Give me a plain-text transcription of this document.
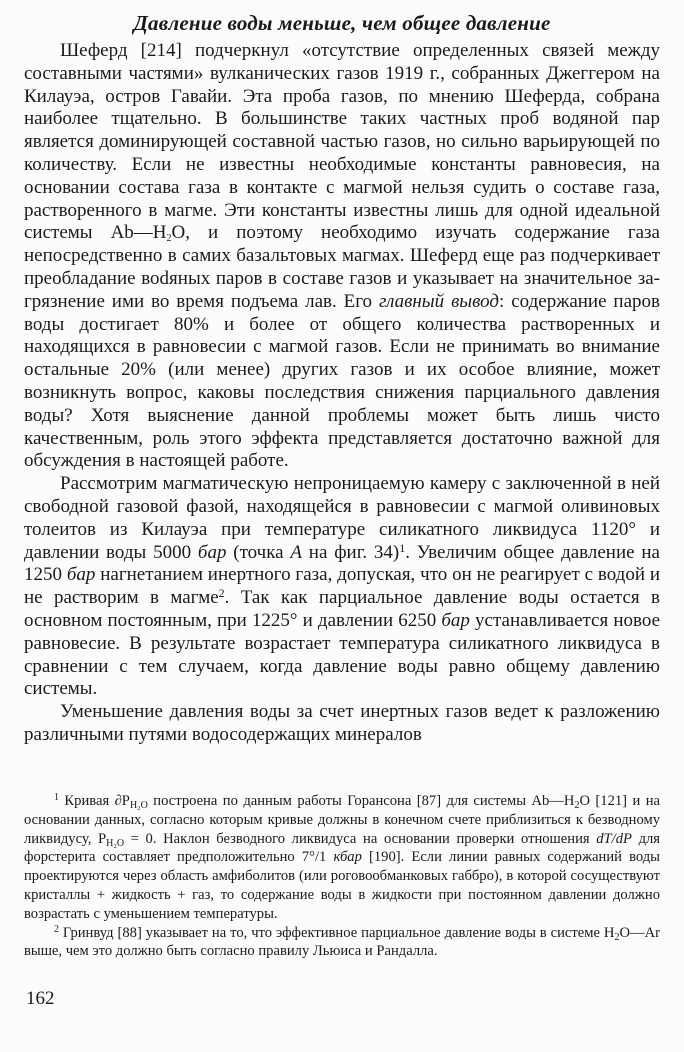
Давление воды меньше, чем общее давление

Шеферд [214] подчеркнул «отсутствие определенных связей между составными частями» вулканических газов 1919 г., собранных Джеггером на Килауэа, остров Гавайи. Эта проба газов, по мнению Шеферда, собрана наиболее тщательно. В большинстве таких частных проб водяной пар является доминирующей составной частью газов, но сильно варьирующей по количеству. Если не известны необходимые константы равновесия, на основании состава газа в контакте с магмой нельзя судить о составе газа, растворенного в магме. Эти константы известны лишь для одной идеальной системы $Ab—H_2O$, и поэтому необходимо изучать содержание газа непосредственно в самих базальтовых магмах. Шеферд еще раз подчеркивает преобладание воdяных паров в составе газов и указывает на значительное загрязнение ими во время подъема лав. Его главный вывод: содержание паров воды достигает 80% и более от общего количества растворенных и находящихся в равновесии с магмой газов. Если не принимать во внимание остальные 20% (или менее) других газов и их особое влияние, может возникнуть вопрос, каковы последствия снижения парциального давления воды? Хотя выяснение данной проблемы может быть лишь чисто качественным, роль этого эффекта представляется достаточно важной для обсуждения в настоящей работе.

Рассмотрим магматическую непроницаемую камеру с заключенной в ней свободной газовой фазой, находящейся в равновесии с магмой оливиновых толеитов из Килауэа при температуре силикатного ликвидуса 1120° и давлении воды 5000 бар (точка A на фиг. 34)$^1$. Увеличим общее давление на 1250 бар нагнетанием инертного газа, допуская, что он не реагирует с водой и не растворим в магме$^2$. Так как парциальное давление воды остается в основном постоянным, при 1225° и давлении 6250 бар устанавливается новое равновесие. В результате возрастает температура силикатного ликвидуса в сравнении с тем случаем, когда давление воды равно общему давлению системы.

Уменьшение давления воды за счет инертных газов ведет к разложению различными путями водосодержащих минералов

$^1$ Кривая $\partial P_{H_2O}$ построена по данным работы Горансона [87] для системы $Ab—H_2O$ [121] и на основании данных, согласно которым кривые должны в конечном счете приблизиться к безводному ликвидусу, $P_{H_2O} = 0$. Наклон безводного ликвидуса на основании проверки отношения dT/dP для форстерита составляет предположительно 7°/1 кбар [190]. Если линии равных содержаний воды проектируются через область амфиболитов (или роговообманковых габбро), в которой сосуществуют кристаллы + жидкость + газ, то содержание воды в жидкости при постоянном давлении должно возрастать с уменьшением температуры.

$^2$ Гринвуд [88] указывает на то, что эффективное парциальное давление воды в системе $H_2O—Ar$ выше, чем это должно быть согласно правилу Льюиса и Рандалла.

162
